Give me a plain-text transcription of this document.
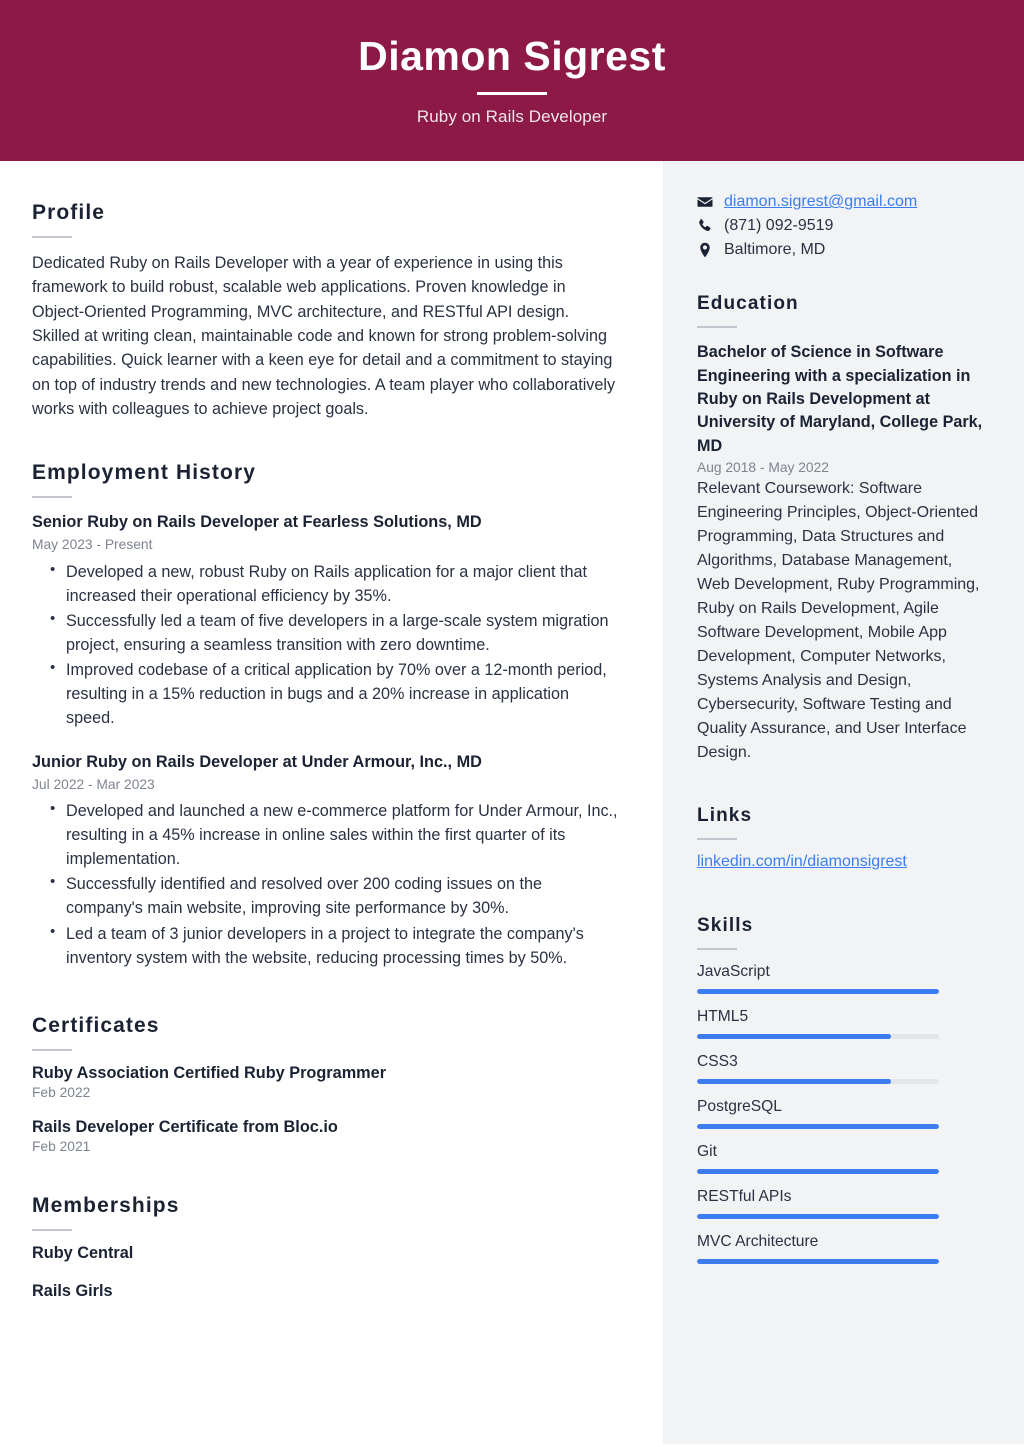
Diamon Sigrest
Ruby on Rails Developer
Profile
Dedicated Ruby on Rails Developer with a year of experience in using this framework to build robust, scalable web applications. Proven knowledge in Object-Oriented Programming, MVC architecture, and RESTful API design. Skilled at writing clean, maintainable code and known for strong problem-solving capabilities. Quick learner with a keen eye for detail and a commitment to staying on top of industry trends and new technologies. A team player who collaboratively works with colleagues to achieve project goals.
Employment History
Senior Ruby on Rails Developer at Fearless Solutions, MD
May 2023 - Present
• Developed a new, robust Ruby on Rails application for a major client that increased their operational efficiency by 35%.
• Successfully led a team of five developers in a large-scale system migration project, ensuring a seamless transition with zero downtime.
• Improved codebase of a critical application by 70% over a 12-month period, resulting in a 15% reduction in bugs and a 20% increase in application speed.
Junior Ruby on Rails Developer at Under Armour, Inc., MD
Jul 2022 - Mar 2023
• Developed and launched a new e-commerce platform for Under Armour, Inc., resulting in a 45% increase in online sales within the first quarter of its implementation.
• Successfully identified and resolved over 200 coding issues on the company's main website, improving site performance by 30%.
• Led a team of 3 junior developers in a project to integrate the company's inventory system with the website, reducing processing times by 50%.
Certificates
Ruby Association Certified Ruby Programmer
Feb 2022
Rails Developer Certificate from Bloc.io
Feb 2021
Memberships
Ruby Central
Rails Girls
diamon.sigrest@gmail.com
(871) 092-9519
Baltimore, MD
Education
Bachelor of Science in Software Engineering with a specialization in Ruby on Rails Development at University of Maryland, College Park, MD
Aug 2018 - May 2022
Relevant Coursework: Software Engineering Principles, Object-Oriented Programming, Data Structures and Algorithms, Database Management, Web Development, Ruby Programming, Ruby on Rails Development, Agile Software Development, Mobile App Development, Computer Networks, Systems Analysis and Design, Cybersecurity, Software Testing and Quality Assurance, and User Interface Design.
Links
linkedin.com/in/diamonsigrest
Skills
JavaScript
HTML5
CSS3
PostgreSQL
Git
RESTful APIs
MVC Architecture
